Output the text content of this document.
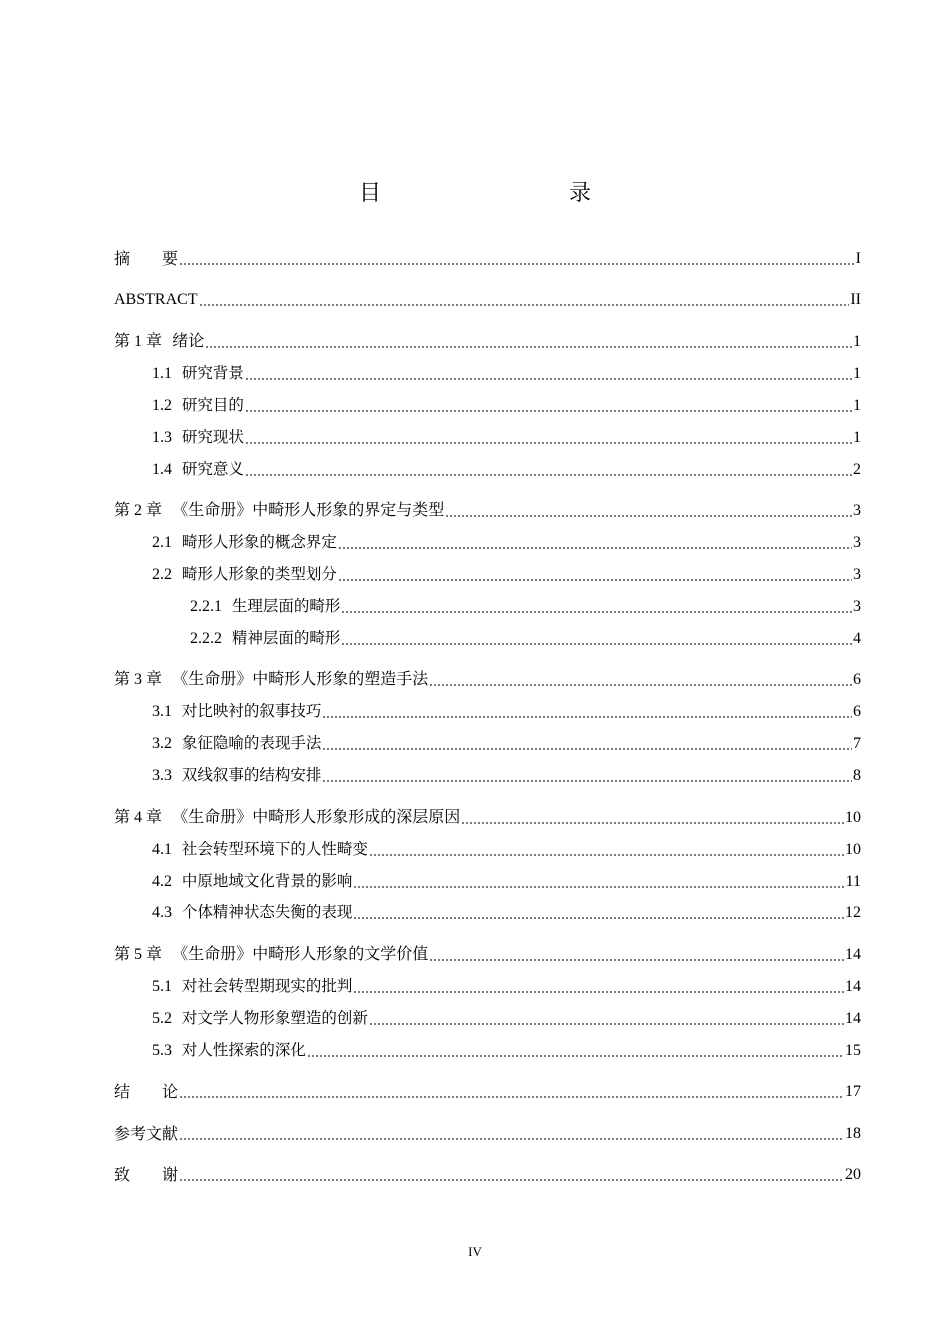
目　　录
摘　　要	I
ABSTRACT	II
第 1 章 绪论	1
1.1 研究背景	1
1.2 研究目的	1
1.3 研究现状	1
1.4 研究意义	2
第 2 章 《生命册》中畸形人形象的界定与类型	3
2.1 畸形人形象的概念界定	3
2.2 畸形人形象的类型划分	3
2.2.1 生理层面的畸形	3
2.2.2 精神层面的畸形	4
第 3 章 《生命册》中畸形人形象的塑造手法	6
3.1 对比映衬的叙事技巧	6
3.2 象征隐喻的表现手法	7
3.3 双线叙事的结构安排	8
第 4 章 《生命册》中畸形人形象形成的深层原因	10
4.1 社会转型环境下的人性畸变	10
4.2 中原地域文化背景的影响	11
4.3 个体精神状态失衡的表现	12
第 5 章 《生命册》中畸形人形象的文学价值	14
5.1 对社会转型期现实的批判	14
5.2 对文学人物形象塑造的创新	14
5.3 对人性探索的深化	15
结　　论	17
参考文献	18
致　　谢	20
IV
